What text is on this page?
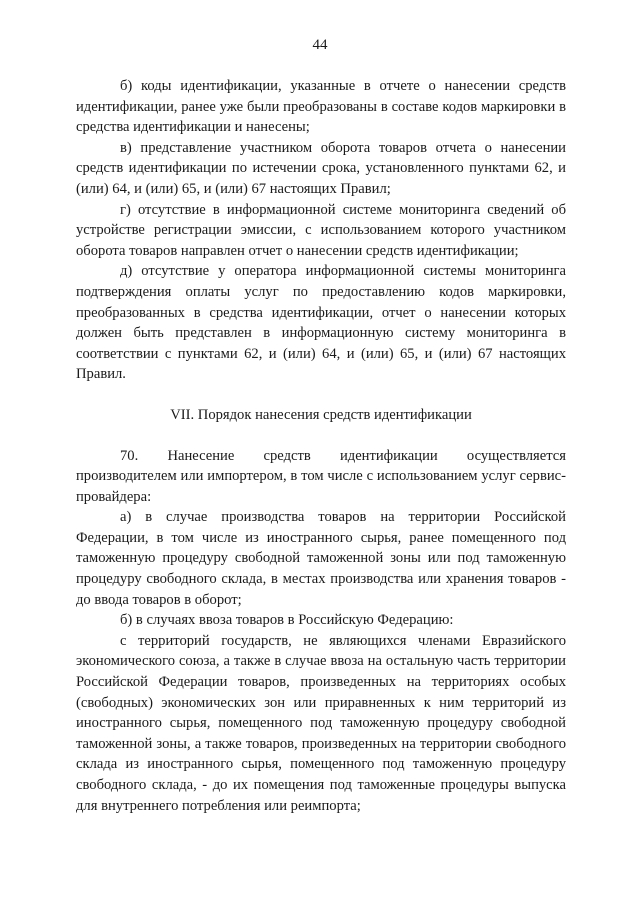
44

б) коды идентификации, указанные в отчете о нанесении средств идентификации, ранее уже были преобразованы в составе кодов маркировки в средства идентификации и нанесены;

в) представление участником оборота товаров отчета о нанесении средств идентификации по истечении срока, установленного пунктами 62, и (или) 64, и (или) 65, и (или) 67 настоящих Правил;

г) отсутствие в информационной системе мониторинга сведений об устройстве регистрации эмиссии, с использованием которого участником оборота товаров направлен отчет о нанесении средств идентификации;

д) отсутствие у оператора информационной системы мониторинга подтверждения оплаты услуг по предоставлению кодов маркировки, преобразованных в средства идентификации, отчет о нанесении которых должен быть представлен в информационную систему мониторинга в соответствии с пунктами 62, и (или) 64, и (или) 65, и (или) 67 настоящих Правил.

VII. Порядок нанесения средств идентификации

70. Нанесение средств идентификации осуществляется производителем или импортером, в том числе с использованием услуг сервис-провайдера:

а) в случае производства товаров на территории Российской Федерации, в том числе из иностранного сырья, ранее помещенного под таможенную процедуру свободной таможенной зоны или под таможенную процедуру свободного склада, в местах производства или хранения товаров - до ввода товаров в оборот;

б) в случаях ввоза товаров в Российскую Федерацию:

с территорий государств, не являющихся членами Евразийского экономического союза, а также в случае ввоза на остальную часть территории Российской Федерации товаров, произведенных на территориях особых (свободных) экономических зон или приравненных к ним территорий из иностранного сырья, помещенного под таможенную процедуру свободной таможенной зоны, а также товаров, произведенных на территории свободного склада из иностранного сырья, помещенного под таможенную процедуру свободного склада, - до их помещения под таможенные процедуры выпуска для внутреннего потребления или реимпорта;
